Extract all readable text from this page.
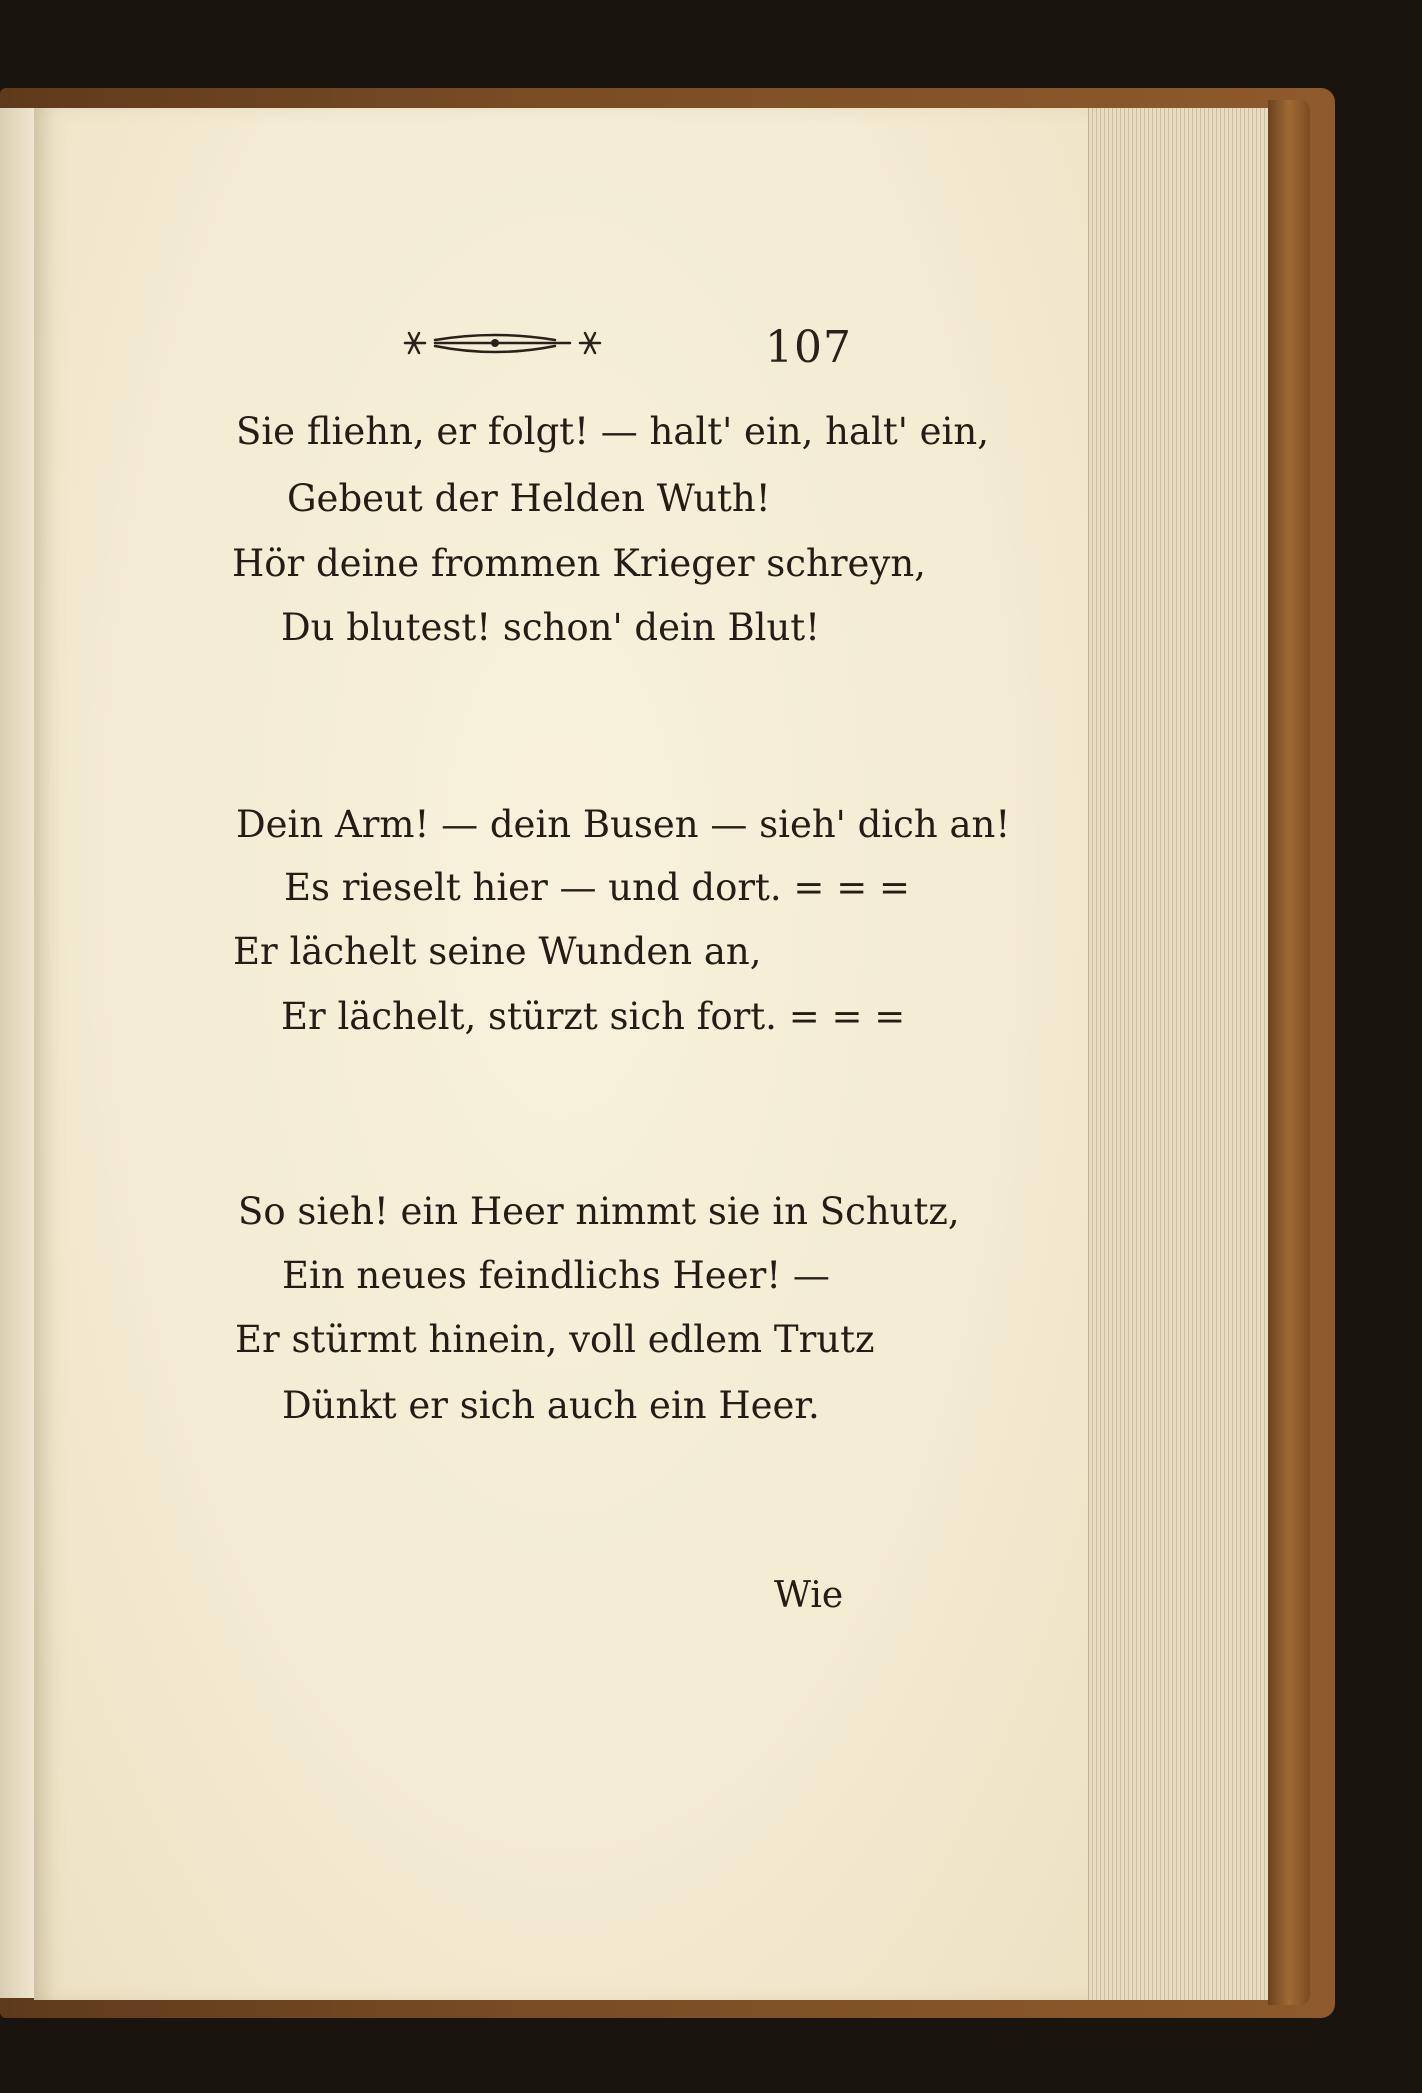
107
Sie fliehn, er folgt! — halt' ein, halt' ein,
Gebeut der Helden Wuth!
Hör deine frommen Krieger schreyn,
Du blutest! schon' dein Blut!
Dein Arm! — dein Busen — sieh' dich an!
Es rieselt hier — und dort. = = =
Er lächelt seine Wunden an,
Er lächelt, stürzt sich fort. = = =
So sieh! ein Heer nimmt sie in Schutz,
Ein neues feindlichs Heer! —
Er stürmt hinein, voll edlem Trutz
Dünkt er sich auch ein Heer.
Wie
